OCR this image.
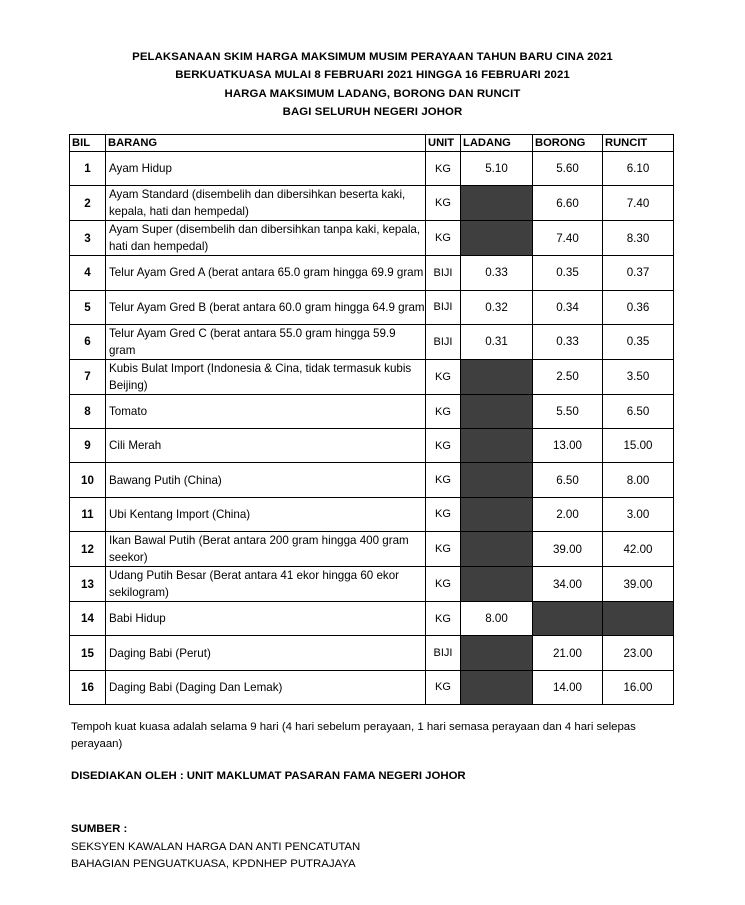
PELAKSANAAN SKIM HARGA MAKSIMUM MUSIM PERAYAAN TAHUN BARU CINA 2021
BERKUATKUASA MULAI 8 FEBRUARI 2021 HINGGA 16 FEBRUARI 2021
HARGA MAKSIMUM LADANG, BORONG DAN RUNCIT
BAGI SELURUH NEGERI JOHOR
BIL	BARANG	UNIT	LADANG	BORONG	RUNCIT
1	Ayam Hidup	KG	5.10	5.60	6.10
2	Ayam Standard (disembelih dan dibersihkan beserta kaki, kepala, hati dan hempedal)	KG		6.60	7.40
3	Ayam Super (disembelih dan dibersihkan tanpa kaki, kepala, hati dan hempedal)	KG		7.40	8.30
4	Telur Ayam Gred A (berat antara 65.0 gram hingga 69.9 gram	BIJI	0.33	0.35	0.37
5	Telur Ayam Gred B (berat antara 60.0 gram hingga 64.9 gram	BIJI	0.32	0.34	0.36
6	Telur Ayam Gred C (berat antara 55.0 gram hingga 59.9 gram	BIJI	0.31	0.33	0.35
7	Kubis Bulat Import (Indonesia & Cina, tidak termasuk kubis Beijing)	KG		2.50	3.50
8	Tomato	KG		5.50	6.50
9	Cili Merah	KG		13.00	15.00
10	Bawang Putih (China)	KG		6.50	8.00
11	Ubi Kentang Import (China)	KG		2.00	3.00
12	Ikan Bawal Putih (Berat antara 200 gram hingga 400 gram seekor)	KG		39.00	42.00
13	Udang Putih Besar (Berat antara 41 ekor hingga 60 ekor sekilogram)	KG		34.00	39.00
14	Babi Hidup	KG	8.00		
15	Daging Babi (Perut)	BIJI		21.00	23.00
16	Daging Babi (Daging Dan Lemak)	KG		14.00	16.00
Tempoh kuat kuasa adalah selama 9 hari (4 hari sebelum perayaan, 1 hari semasa perayaan dan 4 hari selepas perayaan)
DISEDIAKAN OLEH : UNIT MAKLUMAT PASARAN FAMA NEGERI JOHOR
SUMBER :
SEKSYEN KAWALAN HARGA DAN ANTI PENCATUTAN
BAHAGIAN PENGUATKUASA, KPDNHEP PUTRAJAYA
